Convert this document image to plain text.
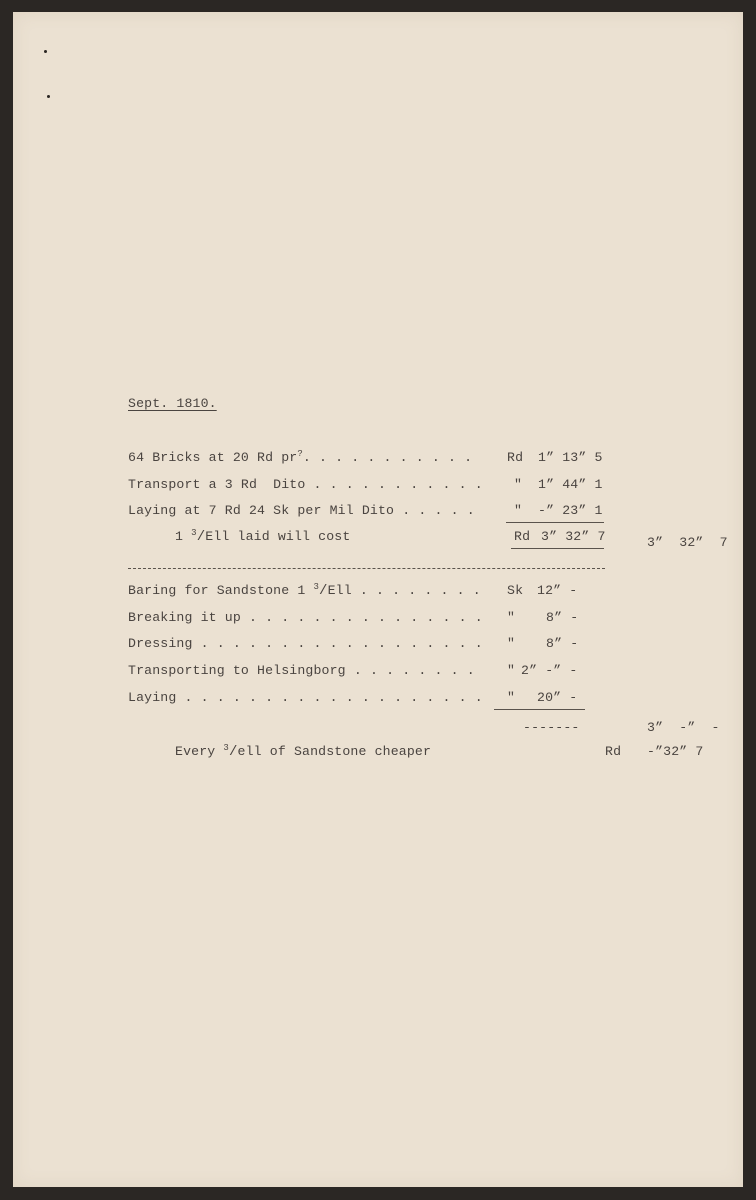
Sept. 1810.
64 Bricks at 20 Rd pr?. . . . . . . . . . .	Rd 1” 13” 5
Transport a 3 Rd  Dito . . . . . . . . . . . " 1” 44” 1
Laying at 7 Rd 24 Sk per Mil Dito . . . . .	" -” 23” 1
1 $^3$/Ell laid will cost	Rd 3” 32” 7	3”  32”  7
Baring for Sandstone 1 $^3$/Ell . . . . . . . . Sk 12” -
Breaking it up . . . . . . . . . . . . . . . " 8” -
Dressing . . . . . . . . . . . . . . . . . . " 8” -
Transporting to Helsingborg . . . . . . . . " 2” -” -
Laying . . . . . . . . . . . . . . . . . . . " 20” -
-------	3”  -”  -
Every $^3$/ell of Sandstone cheaper	Rd -”32” 7
